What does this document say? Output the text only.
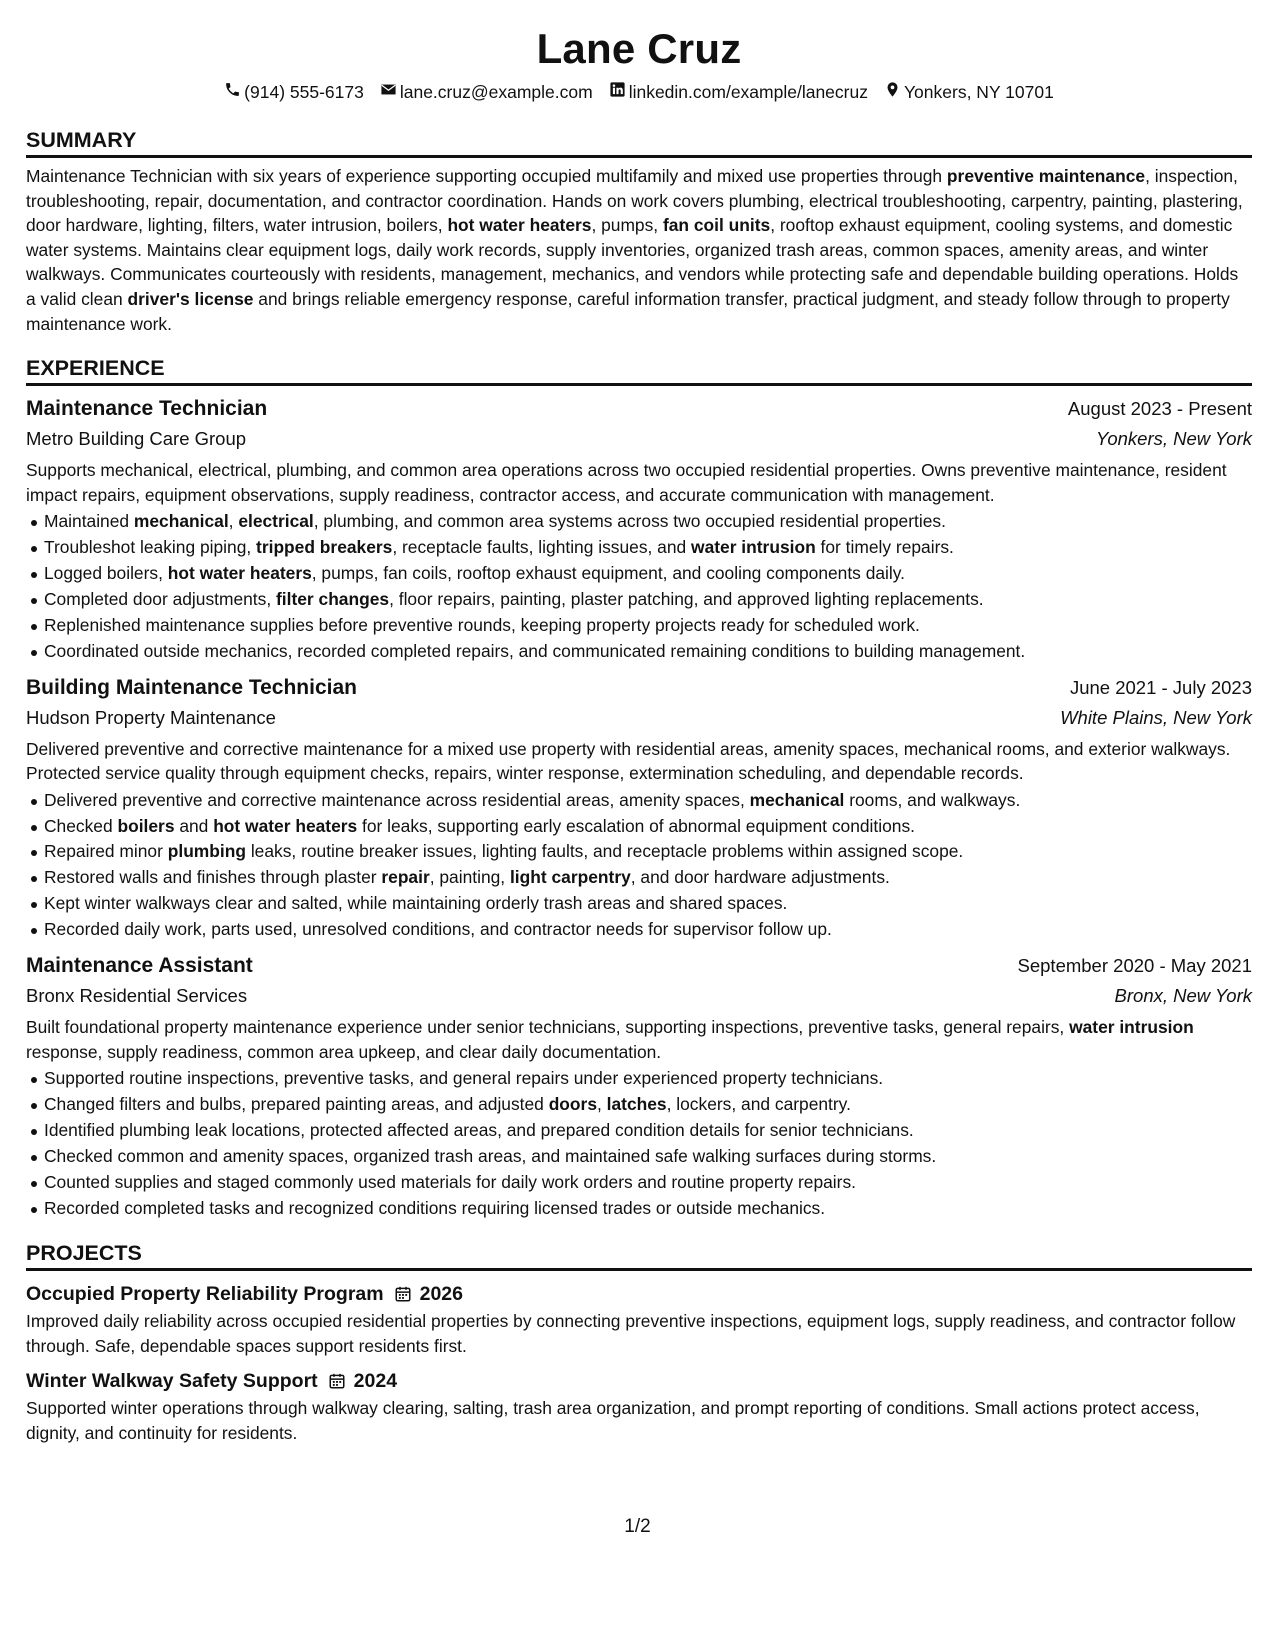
Lane Cruz
(914) 555-6173 lane.cruz@example.com linkedin.com/example/lanecruz Yonkers, NY 10701
SUMMARY
Maintenance Technician with six years of experience supporting occupied multifamily and mixed use properties through preventive maintenance, inspection, troubleshooting, repair, documentation, and contractor coordination. Hands on work covers plumbing, electrical troubleshooting, carpentry, painting, plastering, door hardware, lighting, filters, water intrusion, boilers, hot water heaters, pumps, fan coil units, rooftop exhaust equipment, cooling systems, and domestic water systems. Maintains clear equipment logs, daily work records, supply inventories, organized trash areas, common spaces, amenity areas, and winter walkways. Communicates courteously with residents, management, mechanics, and vendors while protecting safe and dependable building operations. Holds a valid clean driver's license and brings reliable emergency response, careful information transfer, practical judgment, and steady follow through to property maintenance work.
EXPERIENCE
Maintenance Technician	August 2023 - Present
Metro Building Care Group	Yonkers, New York
Supports mechanical, electrical, plumbing, and common area operations across two occupied residential properties. Owns preventive maintenance, resident impact repairs, equipment observations, supply readiness, contractor access, and accurate communication with management.
Maintained mechanical, electrical, plumbing, and common area systems across two occupied residential properties.
Troubleshot leaking piping, tripped breakers, receptacle faults, lighting issues, and water intrusion for timely repairs.
Logged boilers, hot water heaters, pumps, fan coils, rooftop exhaust equipment, and cooling components daily.
Completed door adjustments, filter changes, floor repairs, painting, plaster patching, and approved lighting replacements.
Replenished maintenance supplies before preventive rounds, keeping property projects ready for scheduled work.
Coordinated outside mechanics, recorded completed repairs, and communicated remaining conditions to building management.
Building Maintenance Technician	June 2021 - July 2023
Hudson Property Maintenance	White Plains, New York
Delivered preventive and corrective maintenance for a mixed use property with residential areas, amenity spaces, mechanical rooms, and exterior walkways. Protected service quality through equipment checks, repairs, winter response, extermination scheduling, and dependable records.
Delivered preventive and corrective maintenance across residential areas, amenity spaces, mechanical rooms, and walkways.
Checked boilers and hot water heaters for leaks, supporting early escalation of abnormal equipment conditions.
Repaired minor plumbing leaks, routine breaker issues, lighting faults, and receptacle problems within assigned scope.
Restored walls and finishes through plaster repair, painting, light carpentry, and door hardware adjustments.
Kept winter walkways clear and salted, while maintaining orderly trash areas and shared spaces.
Recorded daily work, parts used, unresolved conditions, and contractor needs for supervisor follow up.
Maintenance Assistant	September 2020 - May 2021
Bronx Residential Services	Bronx, New York
Built foundational property maintenance experience under senior technicians, supporting inspections, preventive tasks, general repairs, water intrusion response, supply readiness, common area upkeep, and clear daily documentation.
Supported routine inspections, preventive tasks, and general repairs under experienced property technicians.
Changed filters and bulbs, prepared painting areas, and adjusted doors, latches, lockers, and carpentry.
Identified plumbing leak locations, protected affected areas, and prepared condition details for senior technicians.
Checked common and amenity spaces, organized trash areas, and maintained safe walking surfaces during storms.
Counted supplies and staged commonly used materials for daily work orders and routine property repairs.
Recorded completed tasks and recognized conditions requiring licensed trades or outside mechanics.
PROJECTS
Occupied Property Reliability Program 2026
Improved daily reliability across occupied residential properties by connecting preventive inspections, equipment logs, supply readiness, and contractor follow through. Safe, dependable spaces support residents first.
Winter Walkway Safety Support 2024
Supported winter operations through walkway clearing, salting, trash area organization, and prompt reporting of conditions. Small actions protect access, dignity, and continuity for residents.
1/2
